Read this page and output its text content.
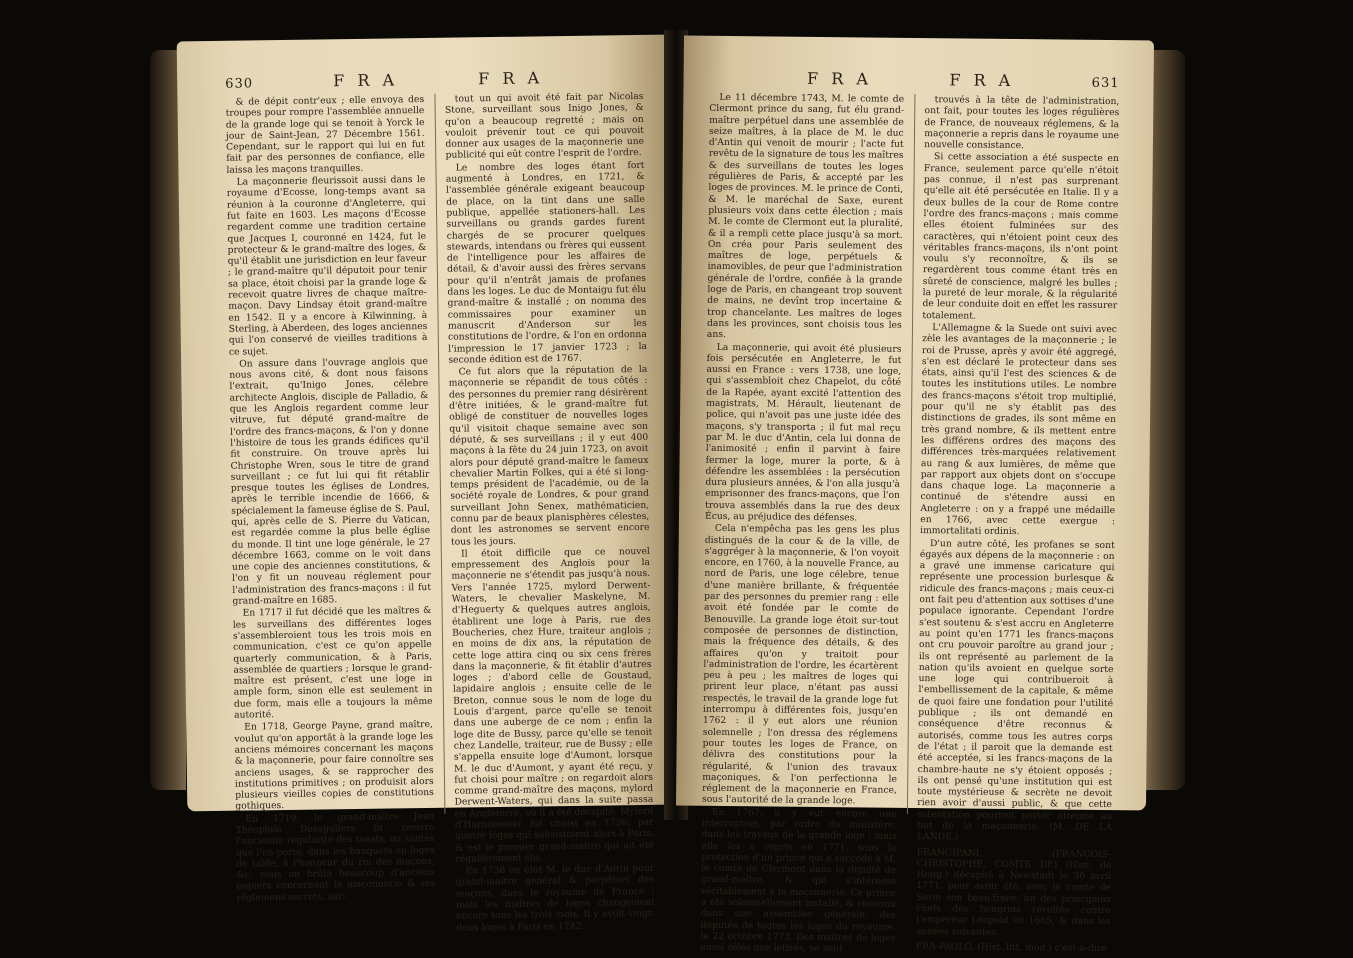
630	F R A	F R A

& de dépit contr'eux ; elle envoya des troupes pour rompre l'assemblée annuelle de la grande loge qui se tenoit à Yorck le jour de Saint-Jean, 27 Décembre 1561. Cependant, sur le rapport qui lui en fut fait par des personnes de confiance, elle laissa les maçons tranquilles.

La maçonnerie fleurissoit aussi dans le royaume d'Ecosse, long-temps avant sa réunion à la couronne d'Angleterre, qui fut faite en 1603. Les maçons d'Ecosse regardent comme une tradition certaine que Jacques I, couronné en 1424, fut le protecteur & le grand-maître des loges, & qu'il établit une jurisdiction en leur faveur ; le grand-maître qu'il députoit pour tenir sa place, étoit choisi par la grande loge & recevoit quatre livres de chaque maître-maçon. Davy Lindsay étoit grand-maître en 1542. Il y a encore à Kilwinning, à Sterling, à Aberdeen, des loges anciennes qui l'on conservé de vieilles traditions à ce sujet.

On assure dans l'ouvrage anglois que nous avons cité, & dont nous faisons l'extrait, qu'Inigo Jones, célebre architecte Anglois, disciple de Palladio, & que les Anglois regardent comme leur vitruve, fut député grand-maître de l'ordre des francs-maçons, & l'on y donne l'histoire de tous les grands édifices qu'il fit construire. On trouve après lui Christophe Wren, sous le titre de grand surveillant ; ce fut lui qui fit rétablir presque toutes les églises de Londres, après le terrible incendie de 1666, & spécialement la fameuse église de S. Paul, qui, après celle de S. Pierre du Vatican, est regardée comme la plus belle église du monde. Il tint une loge générale, le 27 décembre 1663, comme on le voit dans une copie des anciennes constitutions, & l'on y fit un nouveau réglement pour l'administration des francs-maçons : il fut grand-maître en 1685.

En 1717 il fut décidé que les maîtres & les surveillans des différentes loges s'assembleroient tous les trois mois en communication, c'est ce qu'on appelle quarterly communication, & à Paris, assemblée de quartiers ; lorsque le grand-maître est présent, c'est une loge in ample form, sinon elle est seulement in due form, mais elle a toujours la même autorité.

En 1718, George Payne, grand maître, voulut qu'on apportât à la grande loge les anciens mémoires concernant les maçons & la maçonnerie, pour faire connoître ses anciens usages, & se rapprocher des institutions primitives ; on produisit alors plusieurs vieilles copies de constitutions gothiques.

En 1719, le grand-maître Jean Théophile Desaguliers fit revivre l'ancienne régularité des toasts, ou santés que l'on porte, dans les banquets ou loges de table, à l'honneur du roi des maçons, &c. mais on brûla beaucoup d'anciens papiers concernant la maçonnerie & ses réglemens secrets, sur-

tout un qui avoit été fait par Nicolas Stone, surveillant sous Inigo Jones, & qu'on a beaucoup regretté ; mais on vouloit prévenir tout ce qui pouvoit donner aux usages de la maçonnerie une publicité qui eût contre l'esprit de l'ordre.

Le nombre des loges étant fort augmenté à Londres, en 1721, & l'assemblée générale exigeant beaucoup de place, on la tint dans une salle publique, appellée stationers-hall. Les surveillans ou grands gardes furent chargés de se procurer quelques stewards, intendans ou frères qui eussent de l'intelligence pour les affaires de détail, & d'avoir aussi des frères servans pour qu'il n'entrât jamais de profanes dans les loges. Le duc de Montaigu fut élu grand-maître & installé ; on nomma des commissaires pour examiner un manuscrit d'Anderson sur les constitutions de l'ordre, & l'on en ordonna l'impression le 17 janvier 1723 ; la seconde édition est de 1767.

Ce fut alors que la réputation de la maçonnerie se répandit de tous côtés : des personnes du premier rang désirèrent d'être initiées, & le grand-maître fut obligé de constituer de nouvelles loges qu'il visitoit chaque semaine avec son député, & ses surveillans ; il y eut 400 maçons à la fête du 24 juin 1723, on avoit alors pour député grand-maître le fameux chevalier Martin Folkes, qui a été si long-temps président de l'académie, ou de la société royale de Londres, & pour grand surveillant John Senex, mathématicien, connu par de beaux planisphères célestes, dont les astronomes se servent encore tous les jours.

Il étoit difficile que ce nouvel empressement des Anglois pour la maçonnerie ne s'étendit pas jusqu'à nous. Vers l'année 1725, mylord Derwent-Waters, le chevalier Maskelyne, M. d'Heguerty & quelques autres anglois, établirent une loge à Paris, rue des Boucheries, chez Hure, traiteur anglois ; en moins de dix ans, la réputation de cette loge attira cinq ou six cens frères dans la maçonnerie, & fit établir d'autres loges ; d'abord celle de Goustaud, lapidaire anglois ; ensuite celle de le Breton, connue sous le nom de loge du Louis d'argent, parce qu'elle se tenoit dans une auberge de ce nom ; enfin la loge dite de Bussy, parce qu'elle se tenoit chez Landelle, traiteur, rue de Bussy ; elle s'appella ensuite loge d'Aumont, lorsque M. le duc d'Aumont, y ayant été reçu, y fut choisi pour maître ; on regardoit alors comme grand-maître des maçons, mylord Derwent-Waters, qui dans la suite passa en Angleterre, où il a été décapité. Mylord d'Harnouester fut choisi en 1736, par quatre loges qui subsistoient alors à Paris, & est le premier grand-maître qui ait été régulièrement élu.

En 1738 on élut M. le duc d'Antin pour grand-maître général & perpétuel des maçons, dans le royaume de France ; mais les maîtres de loges changeoient encore tous les trois mois. Il y avoit vingt-deux loges à Paris en 1742.

F R A	F R A	631

Le 11 décembre 1743, M. le comte de Clermont prince du sang, fut élu grand-maître perpétuel dans une assemblée de seize maîtres, à la place de M. le duc d'Antin qui venoit de mourir ; l'acte fut revêtu de la signature de tous les maîtres & des surveillans de toutes les loges régulières de Paris, & accepté par les loges de provinces. M. le prince de Conti, & M. le maréchal de Saxe, eurent plusieurs voix dans cette élection ; mais M. le comte de Clermont eut la pluralité, & il a rempli cette place jusqu'à sa mort. On créa pour Paris seulement des maîtres de loge, perpétuels & inamovibles, de peur que l'administration générale de l'ordre, confiée à la grande loge de Paris, en changeant trop souvent de mains, ne devînt trop incertaine & trop chancelante. Les maîtres de loges dans les provinces, sont choisis tous les ans.

La maçonnerie, qui avoit été plusieurs fois persécutée en Angleterre, le fut aussi en France : vers 1738, une loge, qui s'assembloit chez Chapelot, du côté de la Rapée, ayant excité l'attention des magistrats, M. Hérault, lieutenant de police, qui n'avoit pas une juste idée des maçons, s'y transporta ; il fut mal reçu par M. le duc d'Antin, cela lui donna de l'animosité ; enfin il parvint à faire fermer la loge, murer la porte, & à défendre les assemblées : la persécution dura plusieurs années, & l'on alla jusqu'à emprisonner des francs-maçons, que l'on trouva assemblés dans la rue des deux Écus, au préjudice des défenses.

Cela n'empêcha pas les gens les plus distingués de la cour & de la ville, de s'aggréger à la maçonnerie, & l'on voyoit encore, en 1760, à la nouvelle France, au nord de Paris, une loge célebre, tenue d'une manière brillante, & fréquentée par des personnes du premier rang : elle avoit été fondée par le comte de Benouville. La grande loge étoit sur-tout composée de personnes de distinction, mais la fréquence des détails, & des affaires qu'on y traitoit pour l'administration de l'ordre, les écartèrent peu à peu ; les maîtres de loges qui prirent leur place, n'étant pas aussi respectés, le travail de la grande loge fut interrompu à différentes fois, jusqu'en 1762 : il y eut alors une réunion solemnelle ; l'on dressa des réglemens pour toutes les loges de France, on délivra des constitutions pour la régularité, & l'union des travaux maçoniques, & l'on perfectionna le réglement de la maçonnerie en France, sous l'autorité de la grande loge.

En 1767, il y eut encore une interruption, par ordre du ministère, dans les travaux de la grande loge ; mais elle les a repris en 1771, sous la protection d'un prince qui a succédé à M. le comte de Clermont dans la dignité de grand-maître, & qui s'intéresse véritablement à la maçonnerie. Ce prince a été solemnellement installé, & reconnu dans une assemblée générale, des députés de toutes les loges du royaume, le 22 octobre 1773. Des maîtres de loges aussi zélés que lettrés, se sont

trouvés à la tête de l'administration, ont fait, pour toutes les loges régulières de France, de nouveaux réglemens, & la maçonnerie a repris dans le royaume une nouvelle consistance.

Si cette association a été suspecte en France, seulement parce qu'elle n'étoit pas connue, il n'est pas surprenant qu'elle ait été persécutée en Italie. Il y a deux bulles de la cour de Rome contre l'ordre des francs-maçons ; mais comme elles étoient fulminées sur des caractères, qui n'étoient point ceux des véritables francs-maçons, ils n'ont point voulu s'y reconnoître, & ils se regardèrent tous comme étant très en sûreté de conscience, malgré les bulles ; la pureté de leur morale, & la régularité de leur conduite doit en effet les rassurer totalement.

L'Allemagne & la Suede ont suivi avec zèle les avantages de la maçonnerie ; le roi de Prusse, après y avoir été aggregé, s'en est déclaré le protecteur dans ses états, ainsi qu'il l'est des sciences & de toutes les institutions utiles. Le nombre des francs-maçons s'étoit trop multiplié, pour qu'il ne s'y établit pas des distinctions de grades, ils sont même en très grand nombre, & ils mettent entre les différens ordres des maçons des différences très-marquées relativement au rang & aux lumières, de même que par rapport aux objets dont on s'occupe dans chaque loge. La maçonnerie a continué de s'étendre aussi en Angleterre : on y a frappé une médaille en 1766, avec cette exergue : immortalitati ordinis.

D'un autre côté, les profanes se sont égayés aux dépens de la maçonnerie : on a gravé une immense caricature qui représente une procession burlesque & ridicule des francs-maçons ; mais ceux-ci ont fait peu d'attention aux sottises d'une populace ignorante. Cependant l'ordre s'est soutenu & s'est accru en Angleterre au point qu'en 1771 les francs-maçons ont cru pouvoir paroître au grand jour ; ils ont représenté au parlement de la nation qu'ils avoient en quelque sorte une loge qui contribueroit à l'embellissement de la capitale, & même de quoi faire une fondation pour l'utilité publique ; ils ont demandé en conséquence d'être reconnus & autorisés, comme tous les autres corps de l'état ; il paroit que la demande est été acceptée, si les francs-maçons de la chambre-haute ne s'y étoient opposés ; ils ont pensé qu'une institution qui est toute mystérieuse & secrète ne devoit rien avoir d'aussi public, & que cette ostentation pourroit porter atteinte au but de la maçonnerie. (M. DE LA LANDE.)

FRANGIPANI, (FRANÇOIS-CHRISTOPHE, COMTE DE) (Hist. de Hong.) décapité à Newstadt le 30 avril 1771, pour avoir été, avec le comte de Serin son beau-frere, un des principaux chefs des hongrois révoltés contre l'empereur Léopold en 1665, & dans les années suivantes.

FRA-PAOLO, (Hist. litt. mod.) c'est-à-dire
